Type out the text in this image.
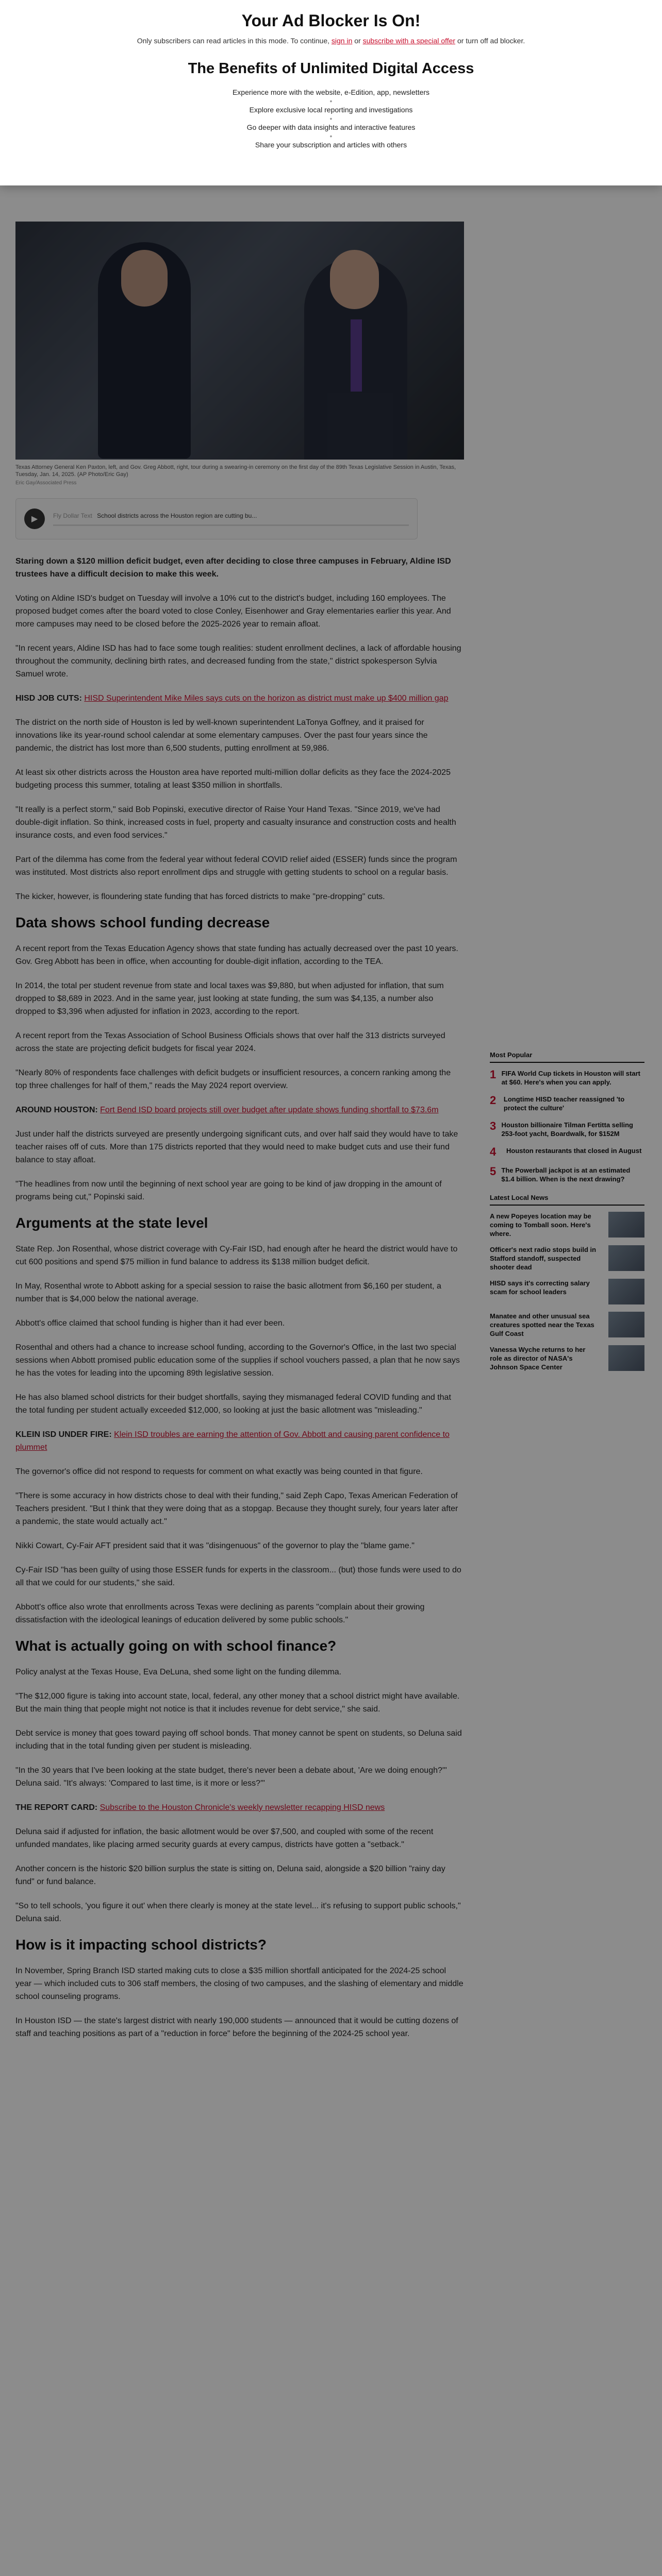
Texas Attorney General Ken Paxton, left, and Gov. Greg Abbott, right, tour during a swearing-in ceremony on the first day of the 89th Texas Legislative Session in Austin, Texas, Tuesday, Jan. 14, 2025. (AP Photo/Eric Gay)
Eric Gay/Associated Press
▶	Fly Dollar Text School districts across the Houston region are cutting bu...

Staring down a $120 million deficit budget, even after deciding to close three campuses in February, Aldine ISD trustees have a difficult decision to make this week.

Voting on Aldine ISD's budget on Tuesday will involve a 10% cut to the district's budget, including 160 employees. The proposed budget comes after the board voted to close Conley, Eisenhower and Gray elementaries earlier this year. And more campuses may need to be closed before the 2025-2026 year to remain afloat.

"In recent years, Aldine ISD has had to face some tough realities: student enrollment declines, a lack of affordable housing throughout the community, declining birth rates, and decreased funding from the state," district spokesperson Sylvia Samuel wrote.

HISD JOB CUTS: HISD Superintendent Mike Miles says cuts on the horizon as district must make up $400 million gap

The district on the north side of Houston is led by well-known superintendent LaTonya Goffney, and it praised for innovations like its year-round school calendar at some elementary campuses. Over the past four years since the pandemic, the district has lost more than 6,500 students, putting enrollment at 59,986.

At least six other districts across the Houston area have reported multi-million dollar deficits as they face the 2024-2025 budgeting process this summer, totaling at least $350 million in shortfalls.

"It really is a perfect storm," said Bob Popinski, executive director of Raise Your Hand Texas. "Since 2019, we've had double-digit inflation. So think, increased costs in fuel, property and casualty insurance and construction costs and health insurance costs, and even food services."

Part of the dilemma has come from the federal year without federal COVID relief aided (ESSER) funds since the program was instituted. Most districts also report enrollment dips and struggle with getting students to school on a regular basis.

The kicker, however, is floundering state funding that has forced districts to make "pre-dropping" cuts.

Data shows school funding decrease

A recent report from the Texas Education Agency shows that state funding has actually decreased over the past 10 years. Gov. Greg Abbott has been in office, when accounting for double-digit inflation, according to the TEA.

In 2014, the total per student revenue from state and local taxes was $9,880, but when adjusted for inflation, that sum dropped to $8,689 in 2023. And in the same year, just looking at state funding, the sum was $4,135, a number also dropped to $3,396 when adjusted for inflation in 2023, according to the report.

A recent report from the Texas Association of School Business Officials shows that over half the 313 districts surveyed across the state are projecting deficit budgets for fiscal year 2024.

"Nearly 80% of respondents face challenges with deficit budgets or insufficient resources, a concern ranking among the top three challenges for half of them," reads the May 2024 report overview.

AROUND HOUSTON: Fort Bend ISD board projects still over budget after update shows funding shortfall to $73.6m

Just under half the districts surveyed are presently undergoing significant cuts, and over half said they would have to take teacher raises off of cuts. More than 175 districts reported that they would need to make budget cuts and use their fund balance to stay afloat.

"The headlines from now until the beginning of next school year are going to be kind of jaw dropping in the amount of programs being cut," Popinski said.

Arguments at the state level

State Rep. Jon Rosenthal, whose district coverage with Cy-Fair ISD, had enough after he heard the district would have to cut 600 positions and spend $75 million in fund balance to address its $138 million budget deficit.

In May, Rosenthal wrote to Abbott asking for a special session to raise the basic allotment from $6,160 per student, a number that is $4,000 below the national average.

Abbott's office claimed that school funding is higher than it had ever been.

Rosenthal and others had a chance to increase school funding, according to the Governor's Office, in the last two special sessions when Abbott promised public education some of the supplies if school vouchers passed, a plan that he now says he has the votes for leading into the upcoming 89th legislative session.

He has also blamed school districts for their budget shortfalls, saying they mismanaged federal COVID funding and that the total funding per student actually exceeded $12,000, so looking at just the basic allotment was "misleading."

KLEIN ISD UNDER FIRE: Klein ISD troubles are earning the attention of Gov. Abbott and causing parent confidence to plummet

The governor's office did not respond to requests for comment on what exactly was being counted in that figure.

"There is some accuracy in how districts chose to deal with their funding," said Zeph Capo, Texas American Federation of Teachers president. "But I think that they were doing that as a stopgap. Because they thought surely, four years later after a pandemic, the state would actually act."

Nikki Cowart, Cy-Fair AFT president said that it was "disingenuous" of the governor to play the "blame game."

Cy-Fair ISD "has been guilty of using those ESSER funds for experts in the classroom... (but) those funds were used to do all that we could for our students," she said.

Abbott's office also wrote that enrollments across Texas were declining as parents "complain about their growing dissatisfaction with the ideological leanings of education delivered by some public schools."

What is actually going on with school finance?

Policy analyst at the Texas House, Eva DeLuna, shed some light on the funding dilemma.

"The $12,000 figure is taking into account state, local, federal, any other money that a school district might have available. But the main thing that people might not notice is that it includes revenue for debt service," she said.

Debt service is money that goes toward paying off school bonds. That money cannot be spent on students, so Deluna said including that in the total funding given per student is misleading.

"In the 30 years that I've been looking at the state budget, there's never been a debate about, 'Are we doing enough?'" Deluna said. "It's always: 'Compared to last time, is it more or less?'"

THE REPORT CARD: Subscribe to the Houston Chronicle's weekly newsletter recapping HISD news

Deluna said if adjusted for inflation, the basic allotment would be over $7,500, and coupled with some of the recent unfunded mandates, like placing armed security guards at every campus, districts have gotten a "setback."

Another concern is the historic $20 billion surplus the state is sitting on, Deluna said, alongside a $20 billion "rainy day fund" or fund balance.

"So to tell schools, 'you figure it out' when there clearly is money at the state level... it's refusing to support public schools," Deluna said.

How is it impacting school districts?

In November, Spring Branch ISD started making cuts to close a $35 million shortfall anticipated for the 2024-25 school year — which included cuts to 306 staff members, the closing of two campuses, and the slashing of elementary and middle school counseling programs.

In Houston ISD — the state's largest district with nearly 190,000 students — announced that it would be cutting dozens of staff and teaching positions as part of a "reduction in force" before the beginning of the 2024-25 school year.

Most Popular
1 FIFA World Cup tickets in Houston will start at $60. Here's when you can apply.
2	Longtime HISD teacher reassigned 'to protect the culture'
3 Houston billionaire Tilman Fertitta selling 253-foot yacht, Boardwalk, for $152M
4	Houston restaurants that closed in August
5 The Powerball jackpot is at an estimated $1.4 billion. When is the next drawing?
Latest Local News
A new Popeyes location may be coming to Tomball soon. Here's where.
Officer's next radio stops build in Stafford standoff, suspected shooter dead
HISD says it's correcting salary scam for school leaders
Manatee and other unusual sea creatures spotted near the Texas Gulf Coast
Vanessa Wyche returns to her role as director of NASA's Johnson Space Center
Your Ad Blocker Is On!

Only subscribers can read articles in this mode. To continue, sign in or subscribe with a special offer or turn off ad blocker.

The Benefits of Unlimited Digital Access
Experience more with the website, e-Edition, app, newsletters
•
Explore exclusive local reporting and investigations
•
Go deeper with data insights and interactive features
•
Share your subscription and articles with others
